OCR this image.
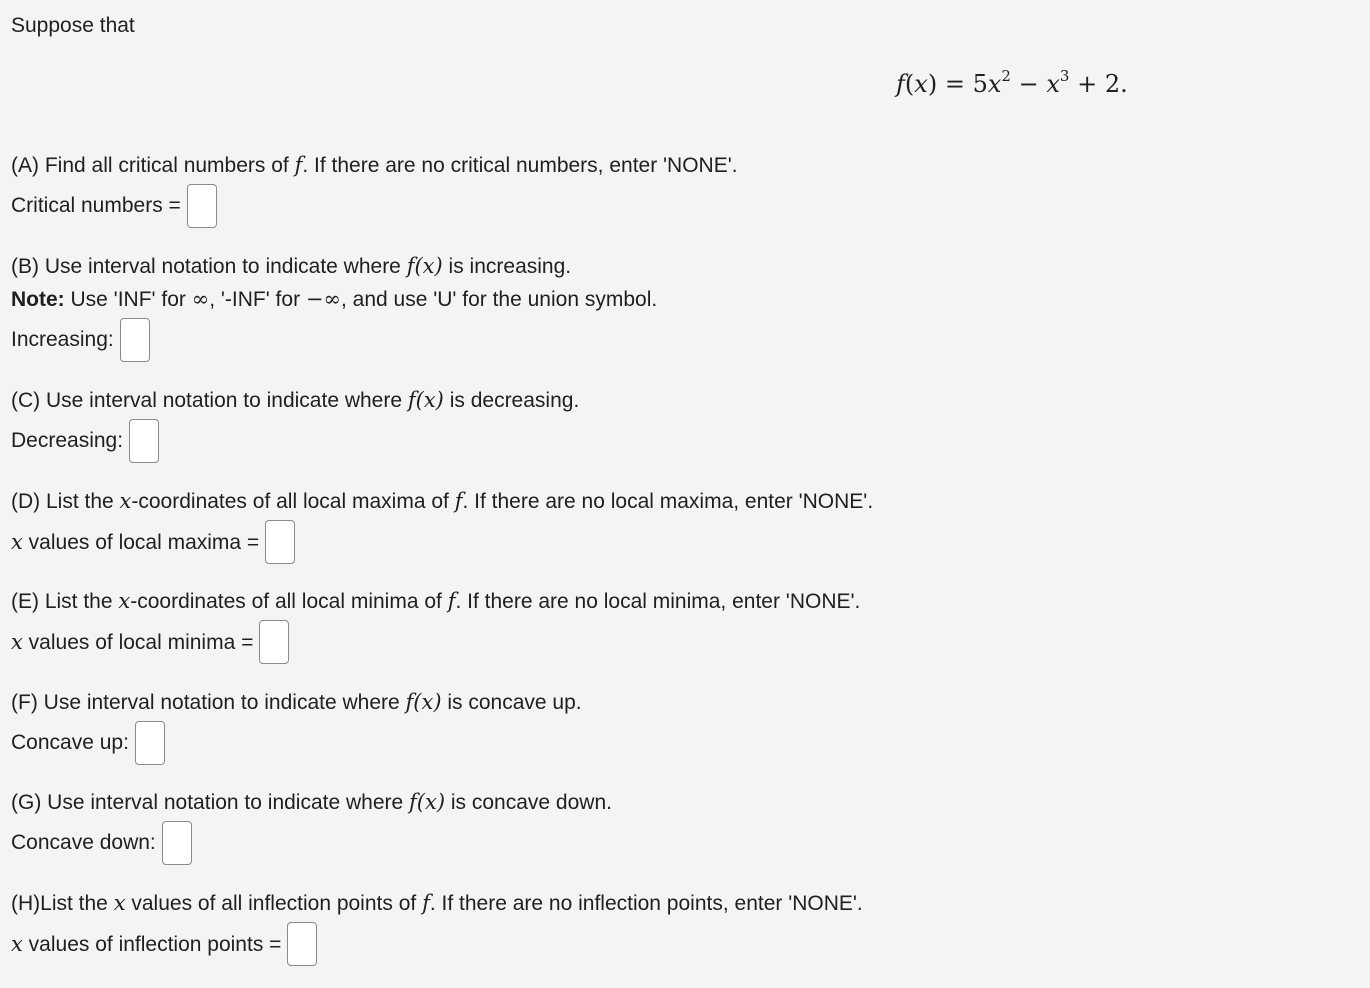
Suppose that

$f(x) = 5x^2 - x^3 + 2$.

(A) Find all critical numbers of f. If there are no critical numbers, enter 'NONE'.

Critical numbers =

(B) Use interval notation to indicate where f(x) is increasing.

Note: Use 'INF' for ∞, '-INF' for −∞, and use 'U' for the union symbol.

Increasing:

(C) Use interval notation to indicate where f(x) is decreasing.

Decreasing:

(D) List the x-coordinates of all local maxima of f. If there are no local maxima, enter 'NONE'.

x values of local maxima =

(E) List the x-coordinates of all local minima of f. If there are no local minima, enter 'NONE'.

x values of local minima =

(F) Use interval notation to indicate where f(x) is concave up.

Concave up:

(G) Use interval notation to indicate where f(x) is concave down.

Concave down:

(H)List the x values of all inflection points of f. If there are no inflection points, enter 'NONE'.

x values of inflection points =
